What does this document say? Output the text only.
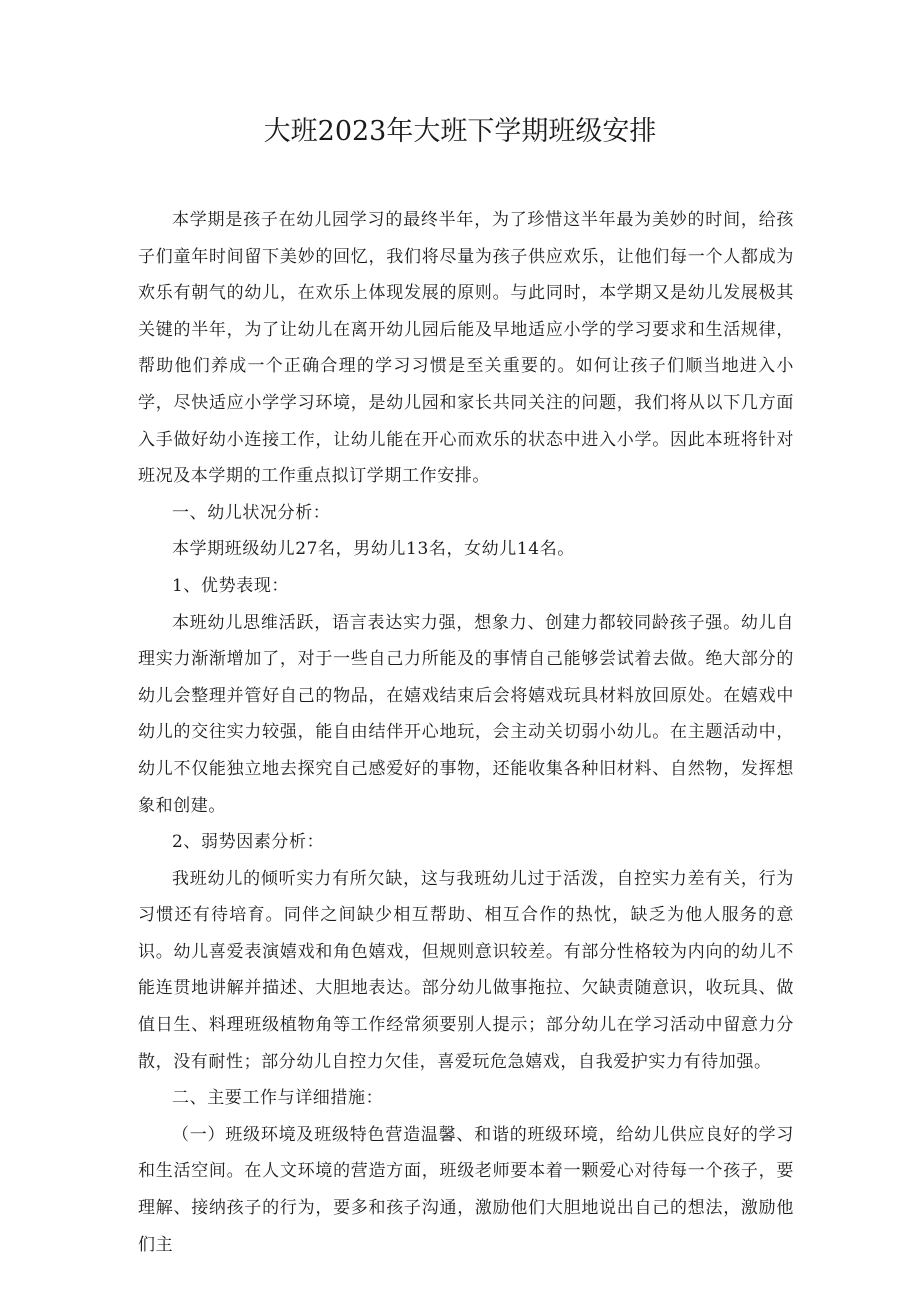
大班2023年大班下学期班级安排

本学期是孩子在幼儿园学习的最终半年，为了珍惜这半年最为美妙的时间，给孩子们童年时间留下美妙的回忆，我们将尽量为孩子供应欢乐，让他们每一个人都成为欢乐有朝气的幼儿，在欢乐上体现发展的原则。与此同时，本学期又是幼儿发展极其关键的半年，为了让幼儿在离开幼儿园后能及早地适应小学的学习要求和生活规律，帮助他们养成一个正确合理的学习习惯是至关重要的。如何让孩子们顺当地进入小学，尽快适应小学学习环境，是幼儿园和家长共同关注的问题，我们将从以下几方面入手做好幼小连接工作，让幼儿能在开心而欢乐的状态中进入小学。因此本班将针对班况及本学期的工作重点拟订学期工作安排。

一、幼儿状况分析：

本学期班级幼儿27名，男幼儿13名，女幼儿14名。

1、优势表现：

本班幼儿思维活跃，语言表达实力强，想象力、创建力都较同龄孩子强。幼儿自理实力渐渐增加了，对于一些自己力所能及的事情自己能够尝试着去做。绝大部分的幼儿会整理并管好自己的物品，在嬉戏结束后会将嬉戏玩具材料放回原处。在嬉戏中幼儿的交往实力较强，能自由结伴开心地玩，会主动关切弱小幼儿。在主题活动中，幼儿不仅能独立地去探究自己感爱好的事物，还能收集各种旧材料、自然物，发挥想象和创建。

2、弱势因素分析：

我班幼儿的倾听实力有所欠缺，这与我班幼儿过于活泼，自控实力差有关，行为习惯还有待培育。同伴之间缺少相互帮助、相互合作的热忱，缺乏为他人服务的意识。幼儿喜爱表演嬉戏和角色嬉戏，但规则意识较差。有部分性格较为内向的幼儿不能连贯地讲解并描述、大胆地表达。部分幼儿做事拖拉、欠缺责随意识，收玩具、做值日生、料理班级植物角等工作经常须要别人提示；部分幼儿在学习活动中留意力分散，没有耐性；部分幼儿自控力欠佳，喜爱玩危急嬉戏，自我爱护实力有待加强。

二、主要工作与详细措施：

（一）班级环境及班级特色营造温馨、和谐的班级环境，给幼儿供应良好的学习和生活空间。在人文环境的营造方面，班级老师要本着一颗爱心对待每一个孩子，要理解、接纳孩子的行为，要多和孩子沟通，激励他们大胆地说出自己的想法，激励他们主
